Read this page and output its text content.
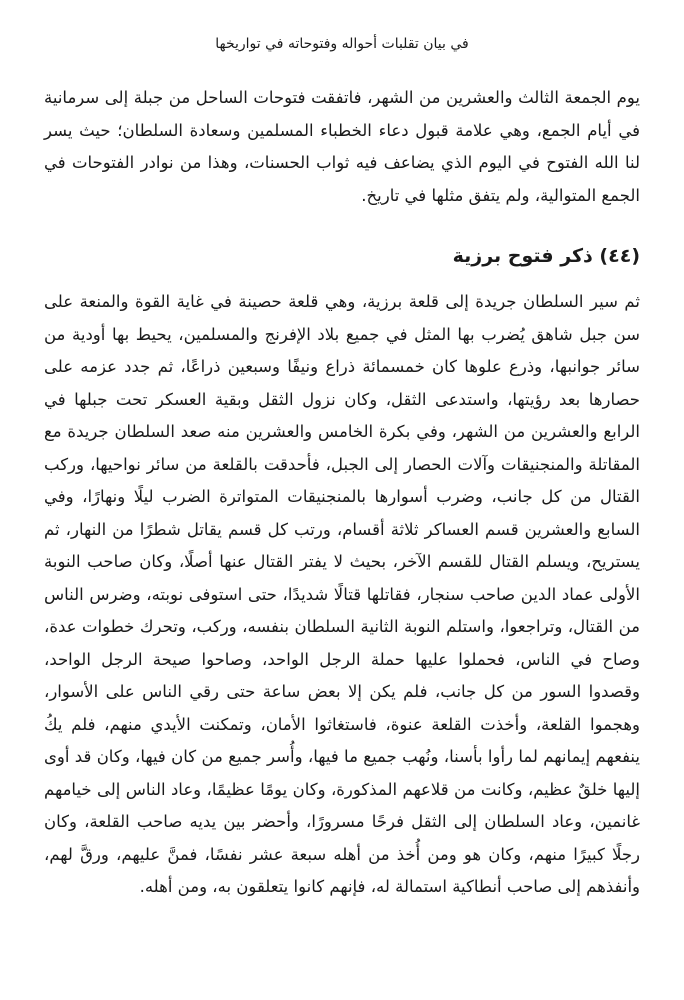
في بيان تقلبات أحواله وفتوحاته في تواريخها

يوم الجمعة الثالث والعشرين من الشهر، فاتفقت فتوحات الساحل من جبلة إلى سرمانية في أيام الجمع، وهي علامة قبول دعاء الخطباء المسلمين وسعادة السلطان؛ حيث يسر لنا الله الفتوح في اليوم الذي يضاعف فيه ثواب الحسنات، وهذا من نوادر الفتوحات في الجمع المتوالية، ولم يتفق مثلها في تاريخ.

(٤٤) ذكر فتوح برزية

ثم سير السلطان جريدة إلى قلعة برزية، وهي قلعة حصينة في غاية القوة والمنعة على سن جبل شاهق يُضرب بها المثل في جميع بلاد الإفرنج والمسلمين، يحيط بها أودية من سائر جوانبها، وذرع علوها كان خمسمائة ذراع ونيفًا وسبعين ذراعًا، ثم جدد عزمه على حصارها بعد رؤيتها، واستدعى الثقل، وكان نزول الثقل وبقية العسكر تحت جبلها في الرابع والعشرين من الشهر، وفي بكرة الخامس والعشرين منه صعد السلطان جريدة مع المقاتلة والمنجنيقات وآلات الحصار إلى الجبل، فأحدقت بالقلعة من سائر نواحيها، وركب القتال من كل جانب، وضرب أسوارها بالمنجنيقات المتواترة الضرب ليلًا ونهارًا، وفي السابع والعشرين قسم العساكر ثلاثة أقسام، ورتب كل قسم يقاتل شطرًا من النهار، ثم يستريح، ويسلم القتال للقسم الآخر، بحيث لا يفتر القتال عنها أصلًا، وكان صاحب النوبة الأولى عماد الدين صاحب سنجار، فقاتلها قتالًا شديدًا، حتى استوفى نوبته، وضرس الناس من القتال، وتراجعوا، واستلم النوبة الثانية السلطان بنفسه، وركب، وتحرك خطوات عدة، وصاح في الناس، فحملوا عليها حملة الرجل الواحد، وصاحوا صيحة الرجل الواحد، وقصدوا السور من كل جانب، فلم يكن إلا بعض ساعة حتى رقي الناس على الأسوار، وهجموا القلعة، وأخذت القلعة عنوة، فاستغاثوا الأمان، وتمكنت الأيدي منهم، فلم يكُ ينفعهم إيمانهم لما رأوا بأسنا، ونُهب جميع ما فيها، وأُسر جميع من كان فيها، وكان قد أوى إليها خلقٌ عظيم، وكانت من قلاعهم المذكورة، وكان يومًا عظيمًا، وعاد الناس إلى خيامهم غانمين، وعاد السلطان إلى الثقل فرحًا مسرورًا، وأحضر بين يديه صاحب القلعة، وكان رجلًا كبيرًا منهم، وكان هو ومن أُخذ من أهله سبعة عشر نفسًا، فمنَّ عليهم، ورقَّ لهم، وأنفذهم إلى صاحب أنطاكية استمالة له، فإنهم كانوا يتعلقون به، ومن أهله.
